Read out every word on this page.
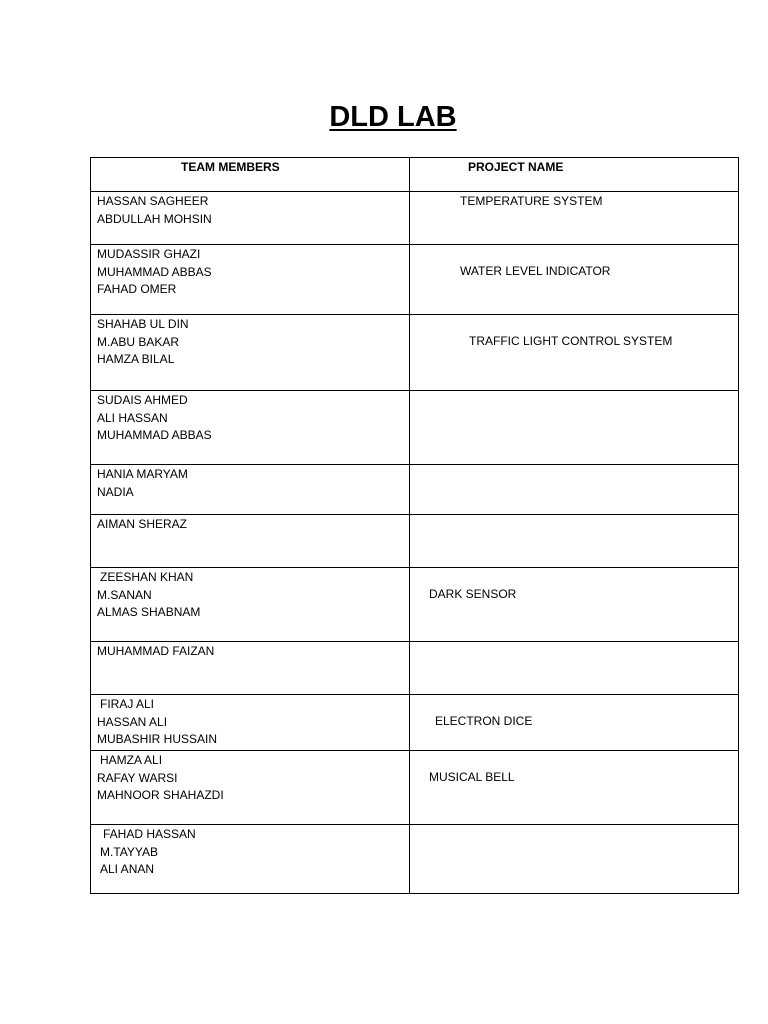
DLD LAB
TEAM MEMBERS	PROJECT NAME

HASSAN SAGHEER
ABDULLAH MOHSIN	TEMPERATURE SYSTEM

MUDASSIR GHAZI
MUHAMMAD ABBAS
FAHAD OMER	WATER LEVEL INDICATOR

SHAHAB UL DIN
M.ABU BAKAR
HAMZA BILAL	TRAFFIC LIGHT CONTROL SYSTEM

SUDAIS AHMED
ALI HASSAN
MUHAMMAD ABBAS	

HANIA MARYAM
NADIA	

AIMAN SHERAZ	

ZEESHAN KHAN
M.SANAN
ALMAS SHABNAM	DARK SENSOR

MUHAMMAD FAIZAN	

FIRAJ ALI
HASSAN ALI
MUBASHIR HUSSAIN	ELECTRON DICE

HAMZA ALI
RAFAY WARSI
MAHNOOR SHAHAZDI	MUSICAL BELL

FAHAD HASSAN
M.TAYYAB
ALI ANAN	
